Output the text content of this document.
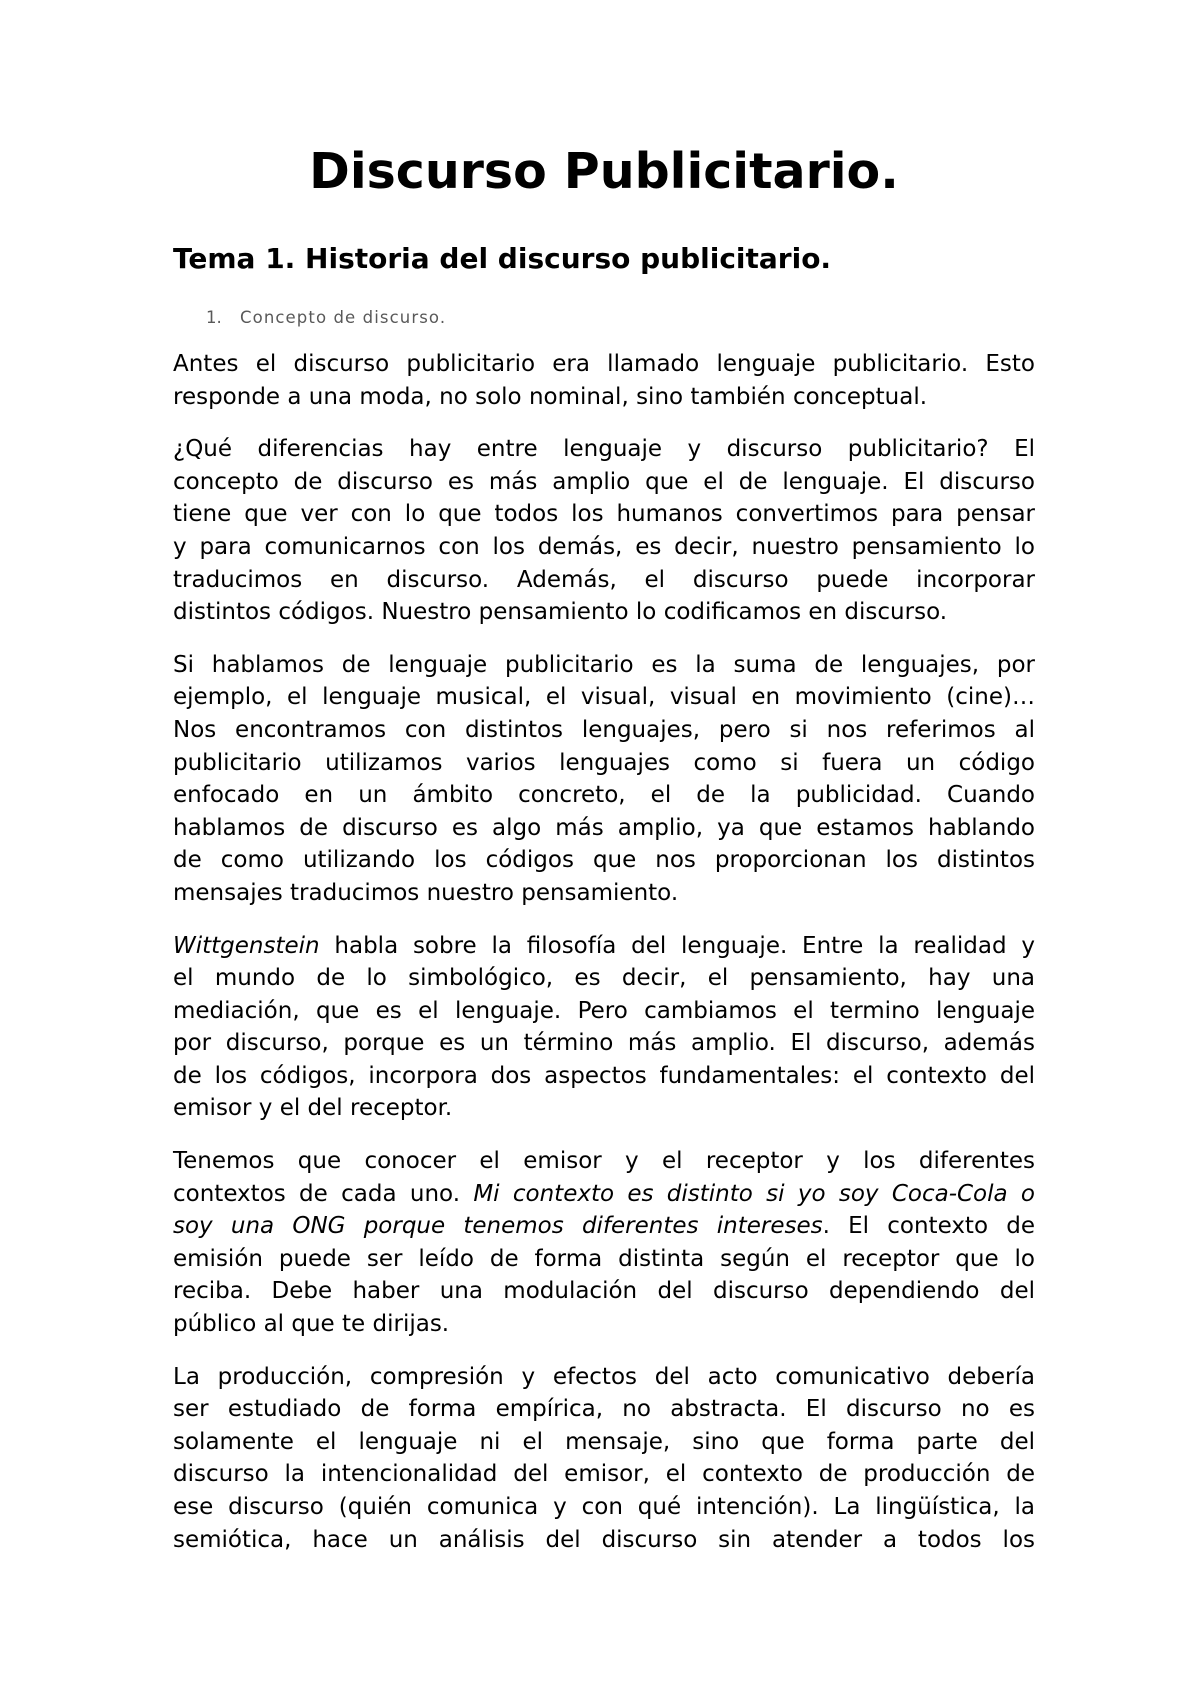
Discurso Publicitario.
Tema 1. Historia del discurso publicitario.

1. Concepto de discurso.

Antes el discurso publicitario era llamado lenguaje publicitario. Esto
responde a una moda, no solo nominal, sino también conceptual.

¿Qué diferencias hay entre lenguaje y discurso publicitario? El
concepto de discurso es más amplio que el de lenguaje. El discurso
tiene que ver con lo que todos los humanos convertimos para pensar
y para comunicarnos con los demás, es decir, nuestro pensamiento lo
traducimos en discurso. Además, el discurso puede incorporar
distintos códigos. Nuestro pensamiento lo codificamos en discurso.

Si hablamos de lenguaje publicitario es la suma de lenguajes, por
ejemplo, el lenguaje musical, el visual, visual en movimiento (cine)…
Nos encontramos con distintos lenguajes, pero si nos referimos al
publicitario utilizamos varios lenguajes como si fuera un código
enfocado en un ámbito concreto, el de la publicidad. Cuando
hablamos de discurso es algo más amplio, ya que estamos hablando
de como utilizando los códigos que nos proporcionan los distintos
mensajes traducimos nuestro pensamiento.

Wittgenstein habla sobre la filosofía del lenguaje. Entre la realidad y
el mundo de lo simbológico, es decir, el pensamiento, hay una
mediación, que es el lenguaje. Pero cambiamos el termino lenguaje
por discurso, porque es un término más amplio. El discurso, además
de los códigos, incorpora dos aspectos fundamentales: el contexto del
emisor y el del receptor.

Tenemos que conocer el emisor y el receptor y los diferentes
contextos de cada uno. Mi contexto es distinto si yo soy Coca-Cola o
soy una ONG porque tenemos diferentes intereses. El contexto de
emisión puede ser leído de forma distinta según el receptor que lo
reciba. Debe haber una modulación del discurso dependiendo del
público al que te dirijas.

La producción, compresión y efectos del acto comunicativo debería
ser estudiado de forma empírica, no abstracta. El discurso no es
solamente el lenguaje ni el mensaje, sino que forma parte del
discurso la intencionalidad del emisor, el contexto de producción de
ese discurso (quién comunica y con qué intención). La lingüística, la
semiótica, hace un análisis del discurso sin atender a todos los
